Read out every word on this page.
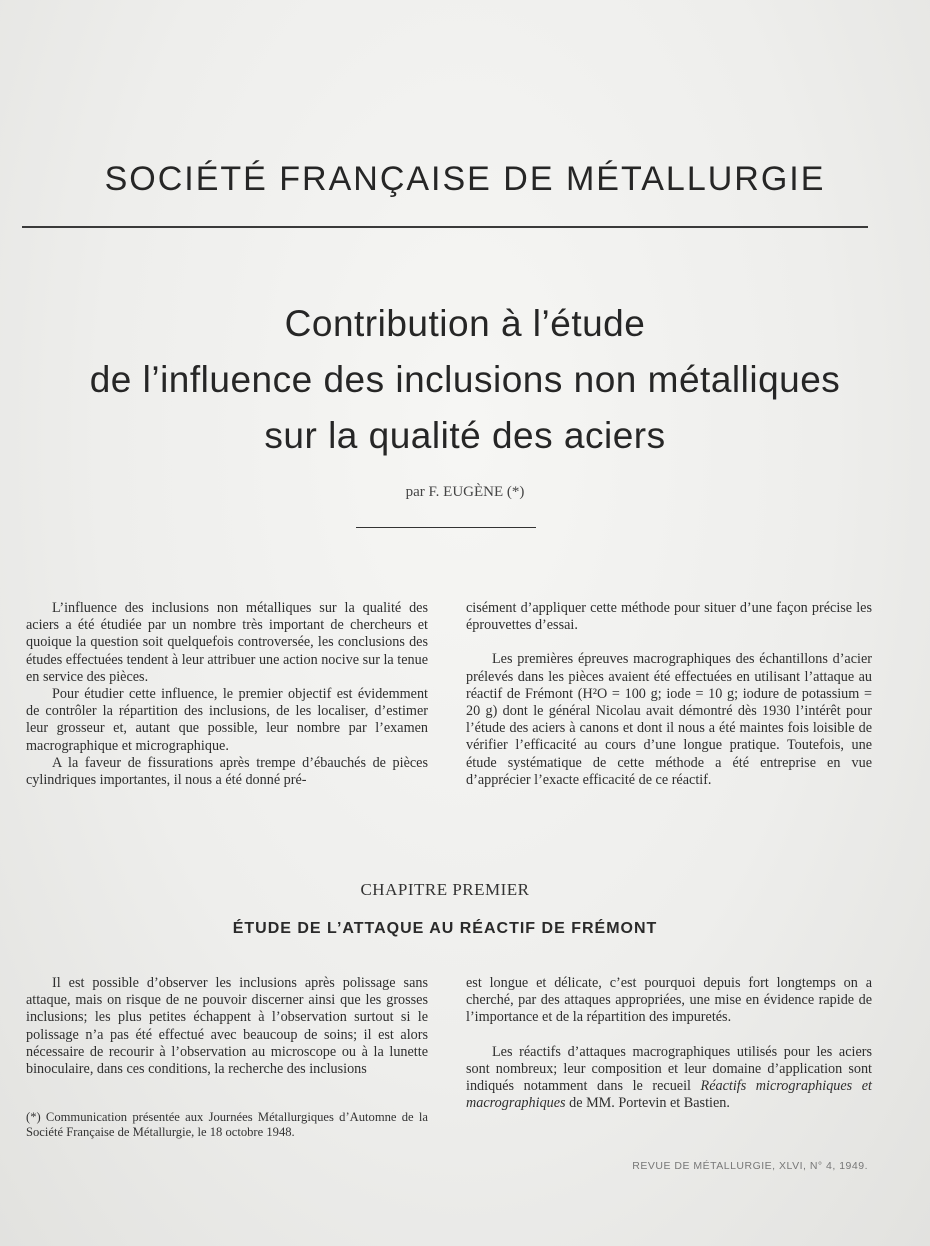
SOCIÉTÉ FRANÇAISE DE MÉTALLURGIE
Contribution à l’étude
de l’influence des inclusions non métalliques
sur la qualité des aciers
par F. EUGÈNE (*)

L’influence des inclusions non métalliques sur la qualité des aciers a été étudiée par un nombre très important de chercheurs et quoique la question soit quelquefois controversée, les conclusions des études effectuées tendent à leur attribuer une action nocive sur la tenue en service des pièces.

Pour étudier cette influence, le premier objectif est évidemment de contrôler la répartition des inclusions, de les localiser, d’estimer leur grosseur et, autant que possible, leur nombre par l’examen macrographique et micrographique.

A la faveur de fissurations après trempe d’ébauchés de pièces cylindriques importantes, il nous a été donné pré-

cisément d’appliquer cette méthode pour situer d’une façon précise les éprouvettes d’essai.

Les premières épreuves macrographiques des échantillons d’acier prélevés dans les pièces avaient été effectuées en utilisant l’attaque au réactif de Frémont (H²O = 100 g; iode = 10 g; iodure de potassium = 20 g) dont le général Nicolau avait démontré dès 1930 l’intérêt pour l’étude des aciers à canons et dont il nous a été maintes fois loisible de vérifier l’efficacité au cours d’une longue pratique. Toutefois, une étude systématique de cette méthode a été entreprise en vue d’apprécier l’exacte efficacité de ce réactif.

CHAPITRE PREMIER
ÉTUDE DE L’ATTAQUE AU RÉACTIF DE FRÉMONT

Il est possible d’observer les inclusions après polissage sans attaque, mais on risque de ne pouvoir discerner ainsi que les grosses inclusions; les plus petites échappent à l’observation surtout si le polissage n’a pas été effectué avec beaucoup de soins; il est alors nécessaire de recourir à l’observation au microscope ou à la lunette binoculaire, dans ces conditions, la recherche des inclusions

est longue et délicate, c’est pourquoi depuis fort longtemps on a cherché, par des attaques appropriées, une mise en évidence rapide de l’importance et de la répartition des impuretés.

Les réactifs d’attaques macrographiques utilisés pour les aciers sont nombreux; leur composition et leur domaine d’application sont indiqués notamment dans le recueil Réactifs micrographiques et macrographiques de MM. Portevin et Bastien.

(*) Communication présentée aux Journées Métallurgiques d’Automne de la Société Française de Métallurgie, le 18 octobre 1948.
REVUE DE MÉTALLURGIE, XLVI, N° 4, 1949.
